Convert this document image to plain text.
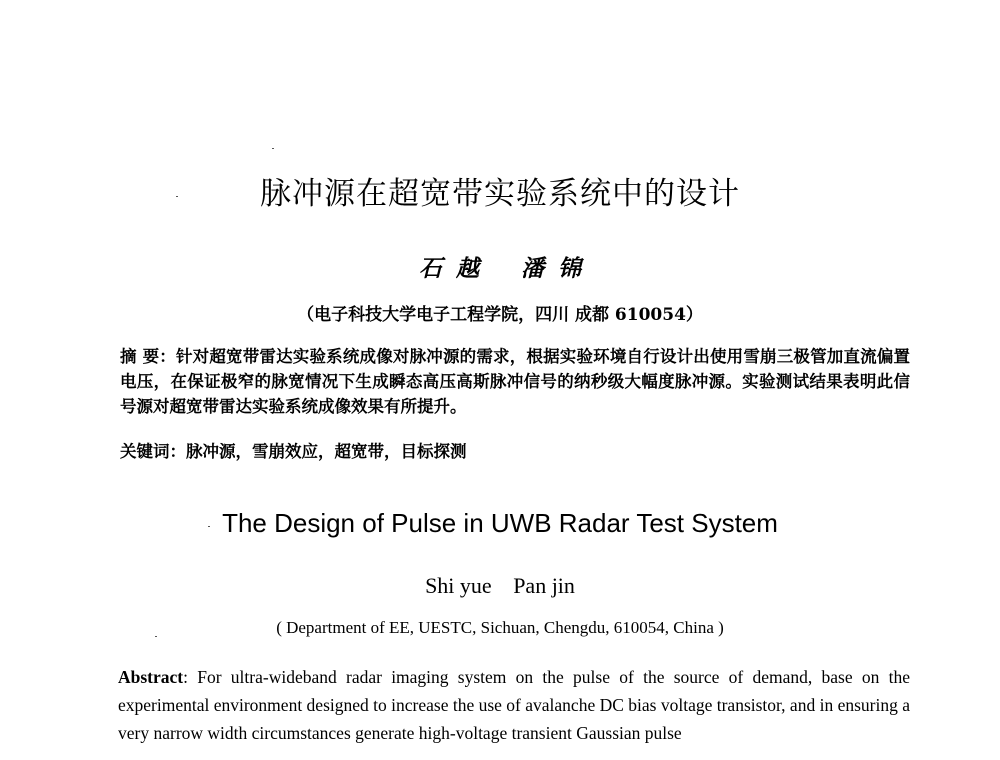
脉冲源在超宽带实验系统中的设计
石 越 潘 锦
（电子科技大学电子工程学院，四川 成都 610054）
摘 要：针对超宽带雷达实验系统成像对脉冲源的需求，根据实验环境自行设计出使用雪崩三极管加直流偏置电压，在保证极窄的脉宽情况下生成瞬态高压高斯脉冲信号的纳秒级大幅度脉冲源。实验测试结果表明此信号源对超宽带雷达实验系统成像效果有所提升。
关键词：脉冲源，雪崩效应，超宽带，目标探测
The Design of Pulse in UWB Radar Test System
Shi yue Pan jin
( Department of EE, UESTC, Sichuan, Chengdu, 610054, China )
Abstract: For ultra-wideband radar imaging system on the pulse of the source of demand, base on the experimental environment designed to increase the use of avalanche DC bias voltage transistor, and in ensuring a very narrow width circumstances generate high-voltage transient Gaussian pulse
